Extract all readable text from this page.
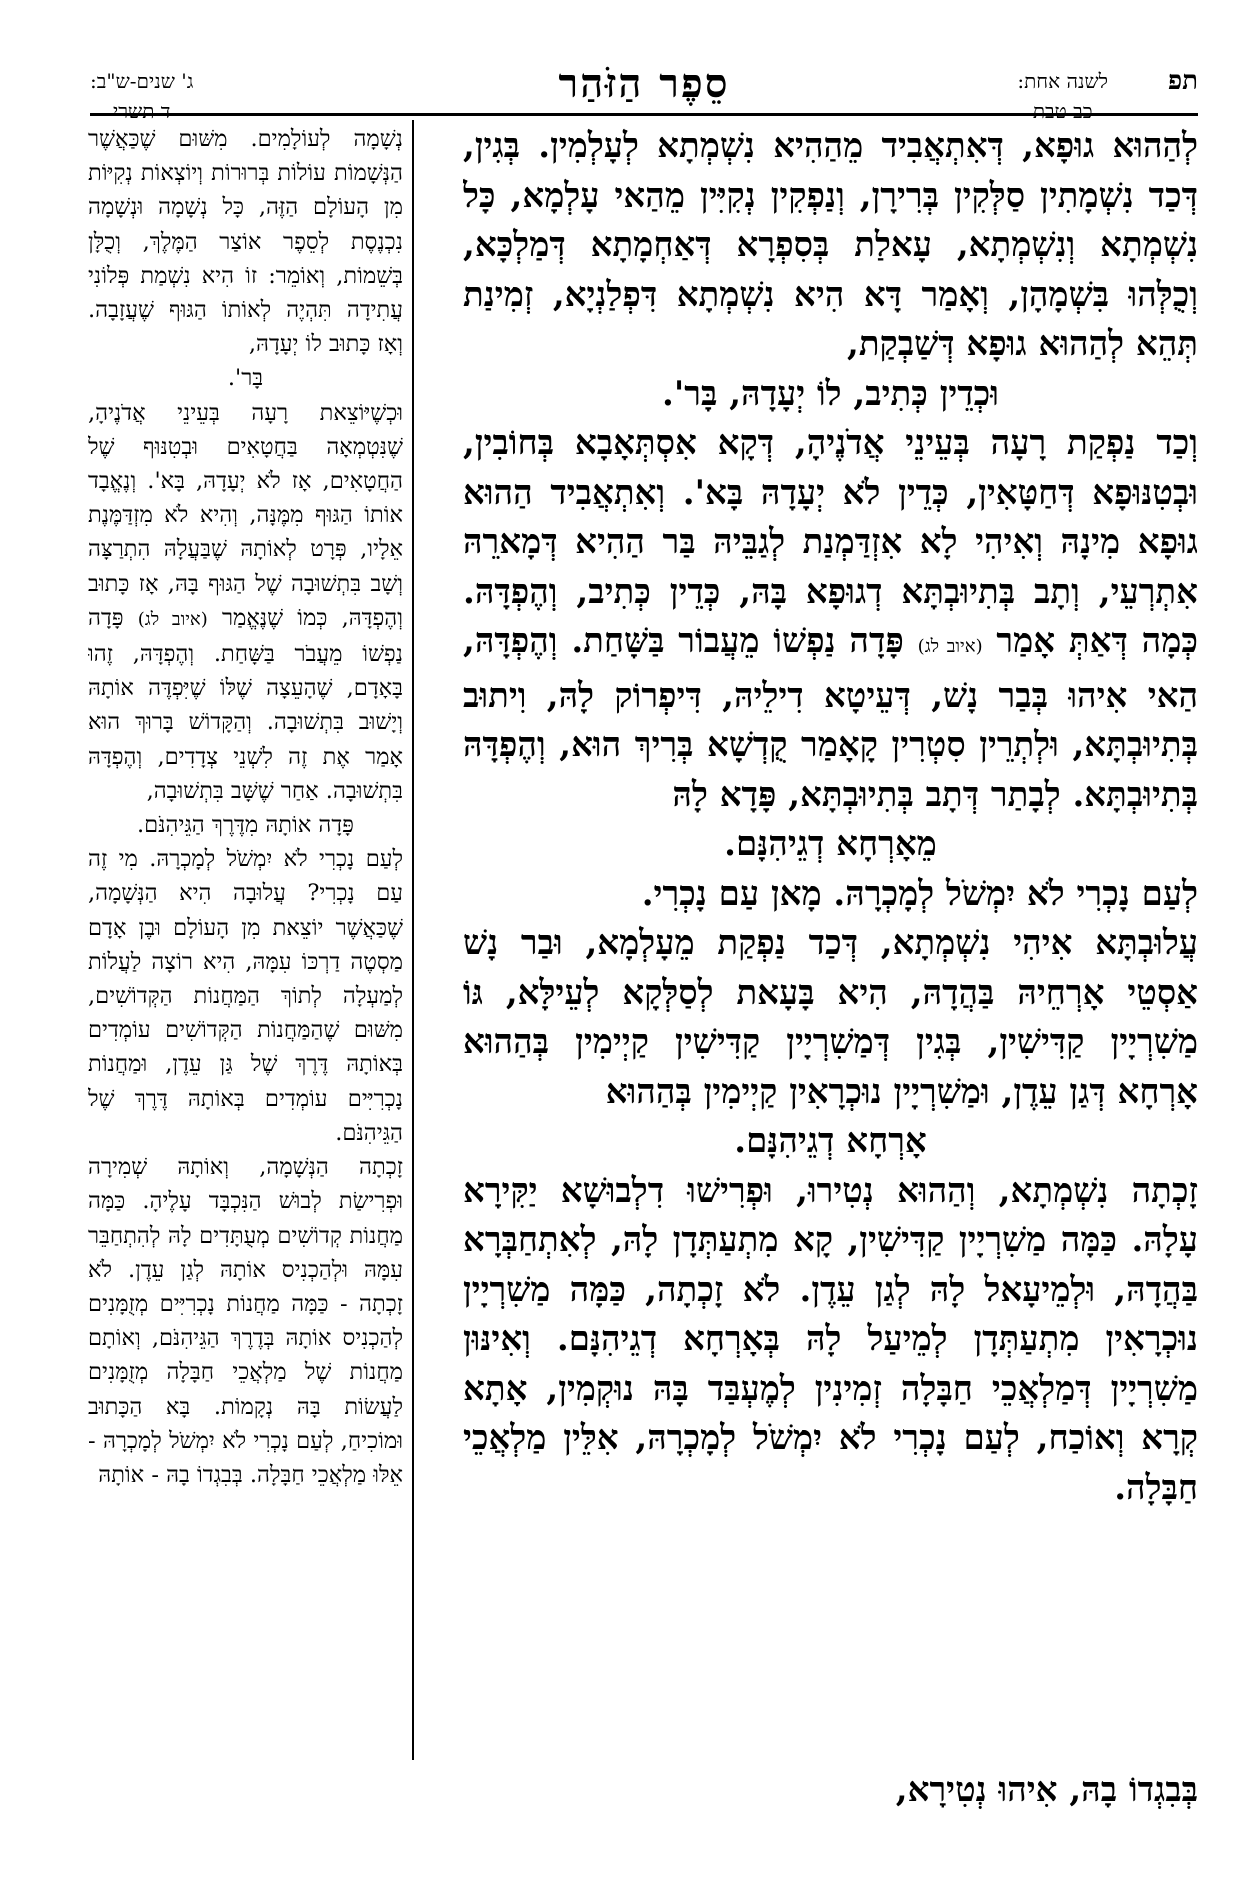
תפ
לשנה אחת:
כב טבת
סֵפֶר הַזֹּהַר
ג' שנים-ש"ב:
ד תשרי

לְהַהוּא גוּפָא, דְּאִתְאֲבִיד מֵהַהִיא נִשְׁמְתָא לְעָלְמִין. בְּגִין, דְּכַד נִשְׁמָתִין סַלְּקִין בְּרִירָן, וְנַפְקִין נְקִיִּין מֵהַאי עָלְמָא, כָּל נִשְׁמְתָא וְנִשְׁמְתָא, עָאלַת בְּסִפְרָא דְּאַחְמָתָא דְּמַלְכָּא, וְכֻלְּהוּ בִּשְׁמָהָן, וְאָמַר דָּא הִיא נִשְׁמְתָא דִּפְלַנְיָא, זְמִינַת תְּהֵא לְהַהוּא גוּפָא דְּשַׁבְקַת,

וּכְדֵין כְּתִיב, לוֹ יְעָדָהּ, בָּר'.

וְכַד נַפְקַת רָעָה בְּעֵינֵי אֲדֹנֶיהָ, דְּקָא אִסְתְּאָבָא בְּחוֹבִין, וּבְטִנּוּפָא דְּחַטָּאִין, כְּדֵין לֹא יְעָדָהּ בָּא'. וְאִתְאֲבִיד הַהוּא גוּפָא מִינָהּ וְאִיהִי לָא אִזְדַּמְנַת לְגַבֵּיהּ בַּר הַהִיא דְּמָארֵהּ אִתְרְעֵי, וְתָב בְּתִיוּבְתָּא דְגוּפָא בָּהּ, כְּדֵין כְּתִיב, וְהֶפְדָּהּ. כְּמָה דְּאַתְּ אָמַר (איוב לג) פָּדָה נַפְשׁוֹ מֵעֲבוֹר בַּשָּׁחַת. וְהֶפְדָּהּ, הַאי אִיהוּ בְּבַר נָשׁ, דְּעֵיטָא דִילֵיהּ, דִּיפְרוֹק לָהּ, וִיתוּב בְּתִיוּבְתָּא, וּלְתְרֵין סִטְרִין קָאָמַר קֻדְשָׁא בְּרִיךְ הוּא, וְהֶפְדָּהּ בְּתִיוּבְתָּא. לְבָתַר דְּתָב בְּתִיוּבְתָּא, פָּדָא לָהּ

מֵאָרְחָא דְגֵיהִנָּם.

לְעַם נָכְרִי לֹא יִמְשֹׁל לְמָכְרָהּ. מָאן עַם נָכְרִי.

עֲלוּבְתָּא אִיהִי נִשְׁמְתָא, דְּכַד נַפְקַת מֵעָלְמָא, וּבַר נָשׁ אַסְטֵי אָרְחֵיהּ בַּהֲדָהּ, הִיא בָּעָאת לְסַלְּקָא לְעֵילָּא, גּוֹ מַשִׁרְיָין קַדִּישִׁין, בְּגִין דְּמַשִׁרְיָין קַדִּישִׁין קַיְימִין בְּהַהוּא אָרְחָא דְּגַן עֵדֶן, וּמַשִׁרְיָין נוּכְרָאִין קַיְימִין בְּהַהוּא

אָרְחָא דְגֵיהִנָּם.

זָכְתָה נִשְׁמְתָא, וְהַהוּא נְטִירוּ, וּפְרִישׁוּ דִלְבוּשָׁא יַקִּירָא עָלָהּ. כַּמָּה מַשִׁרְיָין קַדִּישִׁין, קָא מִתְעַתְּדָן לָהּ, לְאִתְחַבְּרָא בַּהֲדָהּ, וּלְמֵיעָאל לָהּ לְגַן עֵדֶן. לֹא זָכְתָה, כַּמָּה מַשִׁרְיָין נוּכְרָאִין מִתְעַתְּדָן לְמֵיעַל לָהּ בְּאָרְחָא דְגֵיהִנָּם. וְאִינּוּן מַשִׁרְיָין דְּמַלְאֲכֵי חַבָּלָה זְמִינִין לְמֶעְבַּד בָּהּ נוּקְמִין, אָתָא קְרָא וְאוֹכַח, לְעַם נָכְרִי לֹא יִמְשֹׁל לְמָכְרָהּ, אִלֵּין מַלְאֲכֵי חַבָּלָה.

נְשָׁמָה לְעוֹלָמִים. מִשּׁוּם שֶׁכַּאֲשֶׁר הַנְּשָׁמוֹת עוֹלוֹת בְּרוּרוֹת וְיוֹצְאוֹת נְקִיּוֹת מִן הָעוֹלָם הַזֶּה, כָּל נְשָׁמָה וּנְשָׁמָה נִכְנֶסֶת לְסֵפֶר אוֹצַר הַמֶּלֶךְ, וְכֻלָּן בְּשֵׁמוֹת, וְאוֹמֵר: זוֹ הִיא נִשְׁמַת פְּלוֹנִי עֲתִידָה תִּהְיֶה לְאוֹתוֹ הַגּוּף שֶׁעֲזָבָה. וְאָז כָּתוּב לוֹ יְעָדָהּ,

בָּר'.

וּכְשֶׁיּוֹצֵאת רָעָה בְּעֵינֵי אֲדֹנֶיהָ, שֶׁנִּטְמְאָה בַּחֲטָאִים וּבְטִנּוּף שֶׁל הַחֲטָאִים, אָז לֹא יְעָדָהּ, בָּא'. וְנֶאֱבָד אוֹתוֹ הַגּוּף מִמֶּנָּה, וְהִיא לֹא מִזְדַּמֶּנֶת אֵלָיו, פְּרָט לְאוֹתָהּ שֶׁבַּעֲלָהּ הִתְרַצָּה וְשָׁב בִּתְשׁוּבָה שֶׁל הַגּוּף בָּהּ, אָז כָּתוּב וְהֶפְדָּהּ, כְּמוֹ שֶׁנֶּאֱמַר (איוב לג) פָּדָה נַפְשׁוֹ מֵעֲבֹר בַּשָּׁחַת. וְהֶפְדָּהּ, זֶהוּ בָּאָדָם, שֶׁהָעֵצָה שֶׁלּוֹ שֶׁיִּפְדֶּה אוֹתָהּ וְיָשׁוּב בִּתְשׁוּבָה. וְהַקָּדוֹשׁ בָּרוּךְ הוּא אָמַר אֶת זֶה לִשְׁנֵי צְדָדִים, וְהֶפְדָּהּ בִּתְשׁוּבָה. אַחַר שֶׁשָּׁב בִּתְשׁוּבָה,

פָּדָה אוֹתָהּ מִדֶּרֶךְ הַגֵּיהִנֹּם.

לְעַם נָכְרִי לֹא יִמְשֹׁל לְמָכְרָהּ. מִי זֶה עַם נָכְרִי? עֲלוּבָה הִיא הַנְּשָׁמָה, שֶׁכַּאֲשֶׁר יוֹצֵאת מִן הָעוֹלָם וּבֶן אָדָם מַסְטֶה דַרְכּוֹ עִמָּהּ, הִיא רוֹצָה לַעֲלוֹת לְמַעְלָה לְתוֹךְ הַמַּחֲנוֹת הַקְּדוֹשִׁים, מִשּׁוּם שֶׁהַמַּחֲנוֹת הַקְּדוֹשִׁים עוֹמְדִים בְּאוֹתָהּ דֶּרֶךְ שֶׁל גַּן עֵדֶן, וּמַחֲנוֹת נָכְרִיִּים עוֹמְדִים בְּאוֹתָהּ דֶּרֶךְ שֶׁל הַגֵּיהִנֹּם.

זָכְתָה הַנְּשָׁמָה, וְאוֹתָהּ שְׁמִירָה וּפְרִישַׂת לְבוּשׁ הַנִּכְבָּד עָלֶיהָ. כַּמָּה מַחֲנוֹת קְדוֹשִׁים מְעֻתָּדִים לָהּ לְהִתְחַבֵּר עִמָּהּ וּלְהַכְנִיס אוֹתָהּ לְגַן עֵדֶן. לֹא זָכְתָה - כַּמָּה מַחֲנוֹת נָכְרִיִּים מְזֻמָּנִים לְהַכְנִיס אוֹתָהּ בְּדֶרֶךְ הַגֵּיהִנֹּם, וְאוֹתָם מַחֲנוֹת שֶׁל מַלְאֲכֵי חַבָּלָה מְזֻמָּנִים לַעֲשׂוֹת בָּהּ נְקָמוֹת. בָּא הַכָּתוּב וּמוֹכִיחַ, לְעַם נָכְרִי לֹא יִמְשֹׁל לְמָכְרָהּ - אֵלּוּ מַלְאֲכֵי חַבָּלָה. בְּבִגְדוֹ בָהּ - אוֹתָהּ

בְּבִגְדוֹ בָהּ, אִיהוּ נְטִירָא,
